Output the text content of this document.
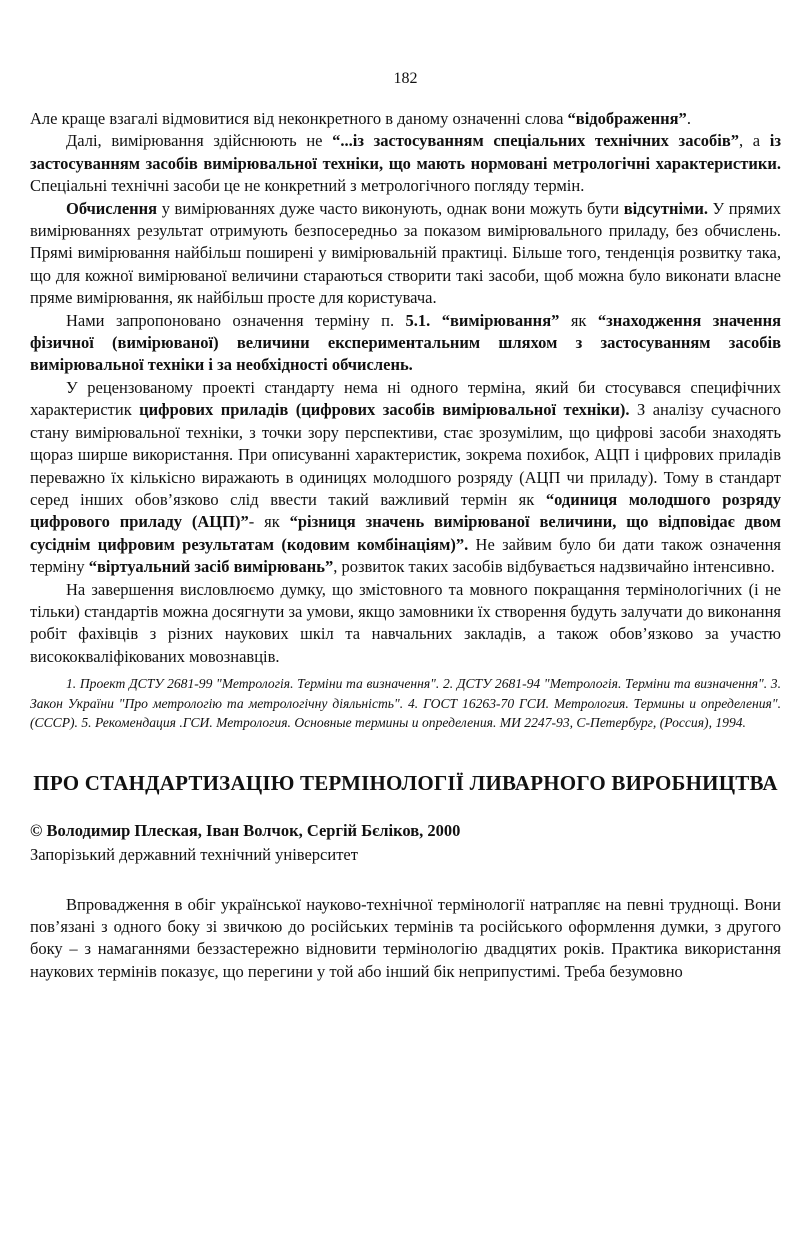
182

Але краще взагалі відмовитися від неконкретного в даному означенні слова “відображення”.

Далі, вимірювання здійснюють не “...із застосуванням спеціальних технічних засобів”, а із застосуванням засобів вимірювальної техніки, що мають нормовані метрологічні характеристики. Спеціальні технічні засоби це не конкретний з метрологічного погляду термін.

Обчислення у вимірюваннях дуже часто виконують, однак вони можуть бути відсутніми. У прямих вимірюваннях результат отримують безпосередньо за показом вимірювального приладу, без обчислень. Прямі вимірювання найбільш поширені у вимірювальній практиці. Більше того, тенденція розвитку така, що для кожної вимірюваної величини стараються створити такі засоби, щоб можна було виконати власне пряме вимірювання, як найбільш просте для користувача.

Нами запропоновано означення терміну п. 5.1. “вимірювання” як “знаходження значення фізичної (вимірюваної) величини експериментальним шляхом з застосуванням засобів вимірювальної техніки і за необхідності обчислень.

У рецензованому проекті стандарту нема ні одного терміна, який би стосувався специфічних характеристик цифрових приладів (цифрових засобів вимірювальної техніки). З аналізу сучасного стану вимірювальної техніки, з точки зору перспективи, стає зрозумілим, що цифрові засоби знаходять щораз ширше використання. При описуванні характеристик, зокрема похибок, АЦП і цифрових приладів переважно їх кількісно виражають в одиницях молодшого розряду (АЦП чи приладу). Тому в стандарт серед інших обов’язково слід ввести такий важливий термін як “одиниця молодшого розряду цифрового приладу (АЦП)”- як “різниця значень вимірюваної величини, що відповідає двом сусіднім цифровим результатам (кодовим комбінаціям)”. Не зайвим було би дати також означення терміну “віртуальний засіб вимірювань”, розвиток таких засобів відбувається надзвичайно інтенсивно.

На завершення висловлюємо думку, що змістовного та мовного покращання термінологічних (і не тільки) стандартів можна досягнути за умови, якщо замовники їх створення будуть залучати до виконання робіт фахівців з різних наукових шкіл та навчальних закладів, а також обов’язково за участю висококваліфікованих мовознавців.

1. Проект ДСТУ 2681-99 "Метрологія. Терміни та визначення". 2. ДСТУ 2681-94 "Метрологія. Терміни та визначення". 3. Закон України "Про метрологію та метрологічну діяльність". 4. ГОСТ 16263-70 ГСИ. Метрология. Термины и определения". (СССР). 5. Рекомендация .ГСИ. Метрология. Основные термины и определения. МИ 2247-93, С-Петербург, (Россия), 1994.

ПРО СТАНДАРТИЗАЦІЮ ТЕРМІНОЛОГІЇ ЛИВАРНОГО ВИРОБНИЦТВА
© Володимир Плеская, Іван Волчок, Сергій Бєліков, 2000
Запорізький державний технічний університет

Впровадження в обіг української науково-технічної термінології натрапляє на певні труднощі. Вони пов’язані з одного боку зі звичкою до російських термінів та російського оформлення думки, з другого боку – з намаганнями беззастережно відновити термінологію двадцятих років. Практика використання наукових термінів показує, що перегини у той або інший бік неприпустимі. Треба безумовно
